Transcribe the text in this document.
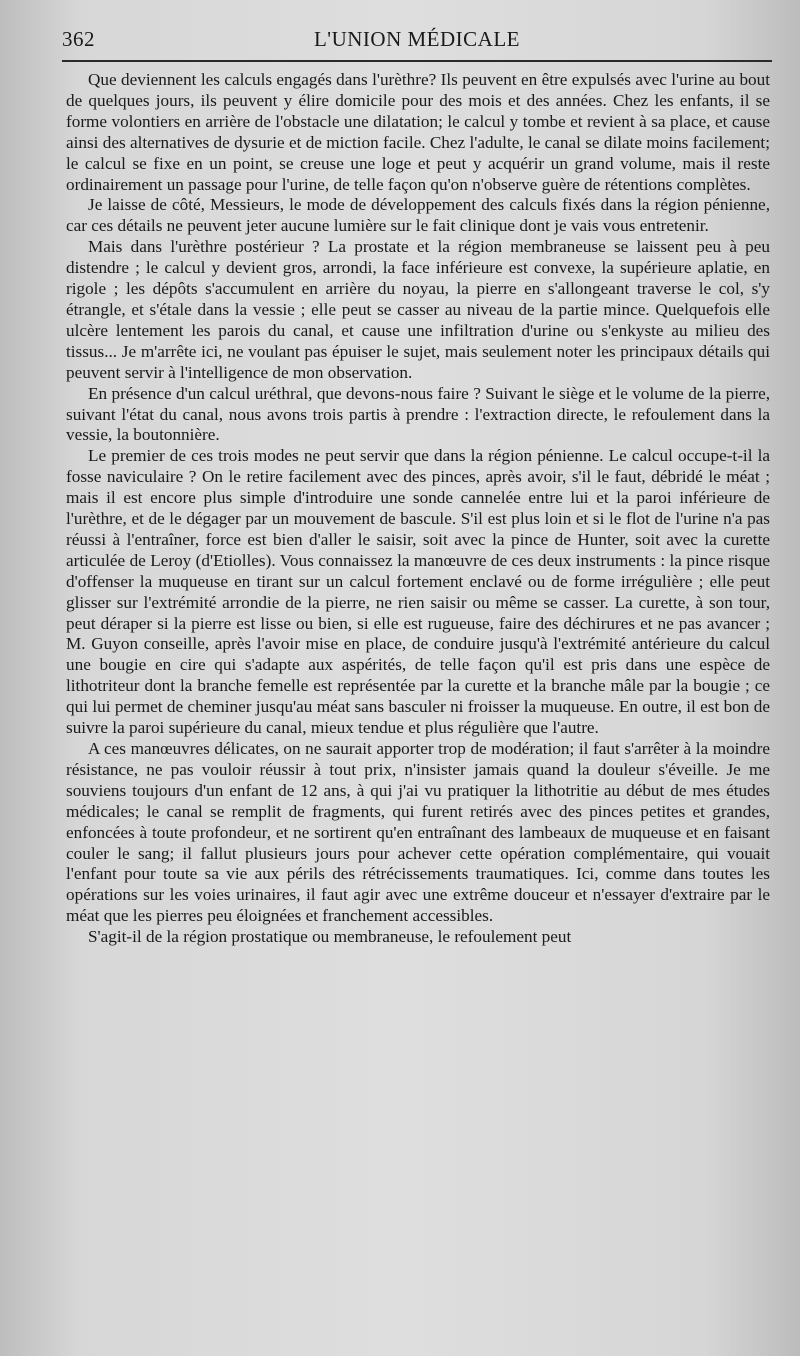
362	L'UNION MÉDICALE

Que deviennent les calculs engagés dans l'urèthre? Ils peuvent en être expulsés avec l'urine au bout de quelques jours, ils peuvent y élire domicile pour des mois et des années. Chez les enfants, il se forme volontiers en arrière de l'obstacle une dilatation; le calcul y tombe et revient à sa place, et cause ainsi des alternatives de dysurie et de miction facile. Chez l'adulte, le canal se dilate moins facilement; le calcul se fixe en un point, se creuse une loge et peut y acquérir un grand volume, mais il reste ordinairement un passage pour l'urine, de telle façon qu'on n'observe guère de rétentions complètes.

Je laisse de côté, Messieurs, le mode de développement des calculs fixés dans la région pénienne, car ces détails ne peuvent jeter aucune lumière sur le fait clinique dont je vais vous entretenir.

Mais dans l'urèthre postérieur ? La prostate et la région membraneuse se laissent peu à peu distendre ; le calcul y devient gros, arrondi, la face inférieure est convexe, la supérieure aplatie, en rigole ; les dépôts s'accumulent en arrière du noyau, la pierre en s'allongeant traverse le col, s'y étrangle, et s'étale dans la vessie ; elle peut se casser au niveau de la partie mince. Quelquefois elle ulcère lentement les parois du canal, et cause une infiltration d'urine ou s'enkyste au milieu des tissus... Je m'arrête ici, ne voulant pas épuiser le sujet, mais seulement noter les principaux détails qui peuvent servir à l'intelligence de mon observation.

En présence d'un calcul uréthral, que devons-nous faire ? Suivant le siège et le volume de la pierre, suivant l'état du canal, nous avons trois partis à prendre : l'extraction directe, le refoulement dans la vessie, la boutonnière.

Le premier de ces trois modes ne peut servir que dans la région pénienne. Le calcul occupe-t-il la fosse naviculaire ? On le retire facilement avec des pinces, après avoir, s'il le faut, débridé le méat ; mais il est encore plus simple d'introduire une sonde cannelée entre lui et la paroi inférieure de l'urèthre, et de le dégager par un mouvement de bascule. S'il est plus loin et si le flot de l'urine n'a pas réussi à l'entraîner, force est bien d'aller le saisir, soit avec la pince de Hunter, soit avec la curette articulée de Leroy (d'Etiolles). Vous connaissez la manœuvre de ces deux instruments : la pince risque d'offenser la muqueuse en tirant sur un calcul fortement enclavé ou de forme irrégulière ; elle peut glisser sur l'extrémité arrondie de la pierre, ne rien saisir ou même se casser. La curette, à son tour, peut déraper si la pierre est lisse ou bien, si elle est rugueuse, faire des déchirures et ne pas avancer ; M. Guyon conseille, après l'avoir mise en place, de conduire jusqu'à l'extrémité antérieure du calcul une bougie en cire qui s'adapte aux aspérités, de telle façon qu'il est pris dans une espèce de lithotriteur dont la branche femelle est représentée par la curette et la branche mâle par la bougie ; ce qui lui permet de cheminer jusqu'au méat sans basculer ni froisser la muqueuse. En outre, il est bon de suivre la paroi supérieure du canal, mieux tendue et plus régulière que l'autre.

A ces manœuvres délicates, on ne saurait apporter trop de modération; il faut s'arrêter à la moindre résistance, ne pas vouloir réussir à tout prix, n'insister jamais quand la douleur s'éveille. Je me souviens toujours d'un enfant de 12 ans, à qui j'ai vu pratiquer la lithotritie au début de mes études médicales; le canal se remplit de fragments, qui furent retirés avec des pinces petites et grandes, enfoncées à toute profondeur, et ne sortirent qu'en entraînant des lambeaux de muqueuse et en faisant couler le sang; il fallut plusieurs jours pour achever cette opération complémentaire, qui vouait l'enfant pour toute sa vie aux périls des rétrécissements traumatiques. Ici, comme dans toutes les opérations sur les voies urinaires, il faut agir avec une extrême douceur et n'essayer d'extraire par le méat que les pierres peu éloignées et franchement accessibles.

S'agit-il de la région prostatique ou membraneuse, le refoulement peut
